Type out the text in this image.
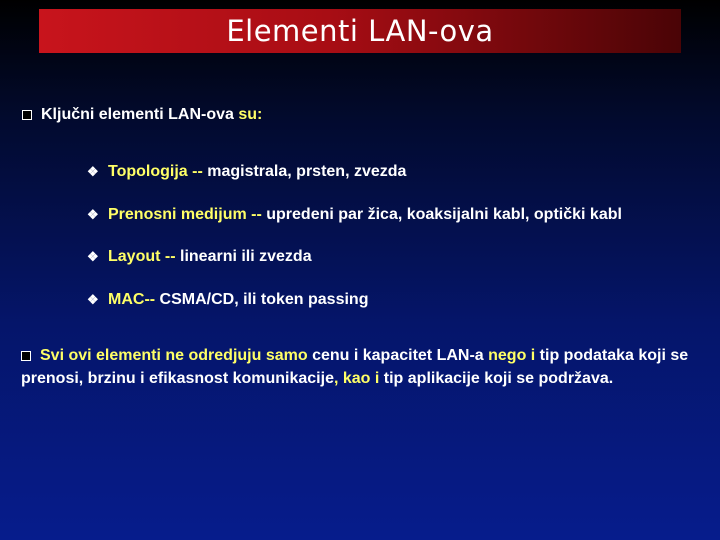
Elementi LAN-ova
Ključni elementi LAN-ova su:
❖ Topologija -- magistrala, prsten, zvezda
❖ Prenosni medijum -- upredeni par žica, koaksijalni kabl, optički kabl
❖ Layout -- linearni ili zvezda
❖ MAC-- CSMA/CD, ili token passing
Svi ovi elementi ne odredjuju samo cenu i kapacitet LAN-a nego i tip podataka koji se prenosi, brzinu i efikasnost komunikacije, kao i tip aplikacije koji se podržava.
